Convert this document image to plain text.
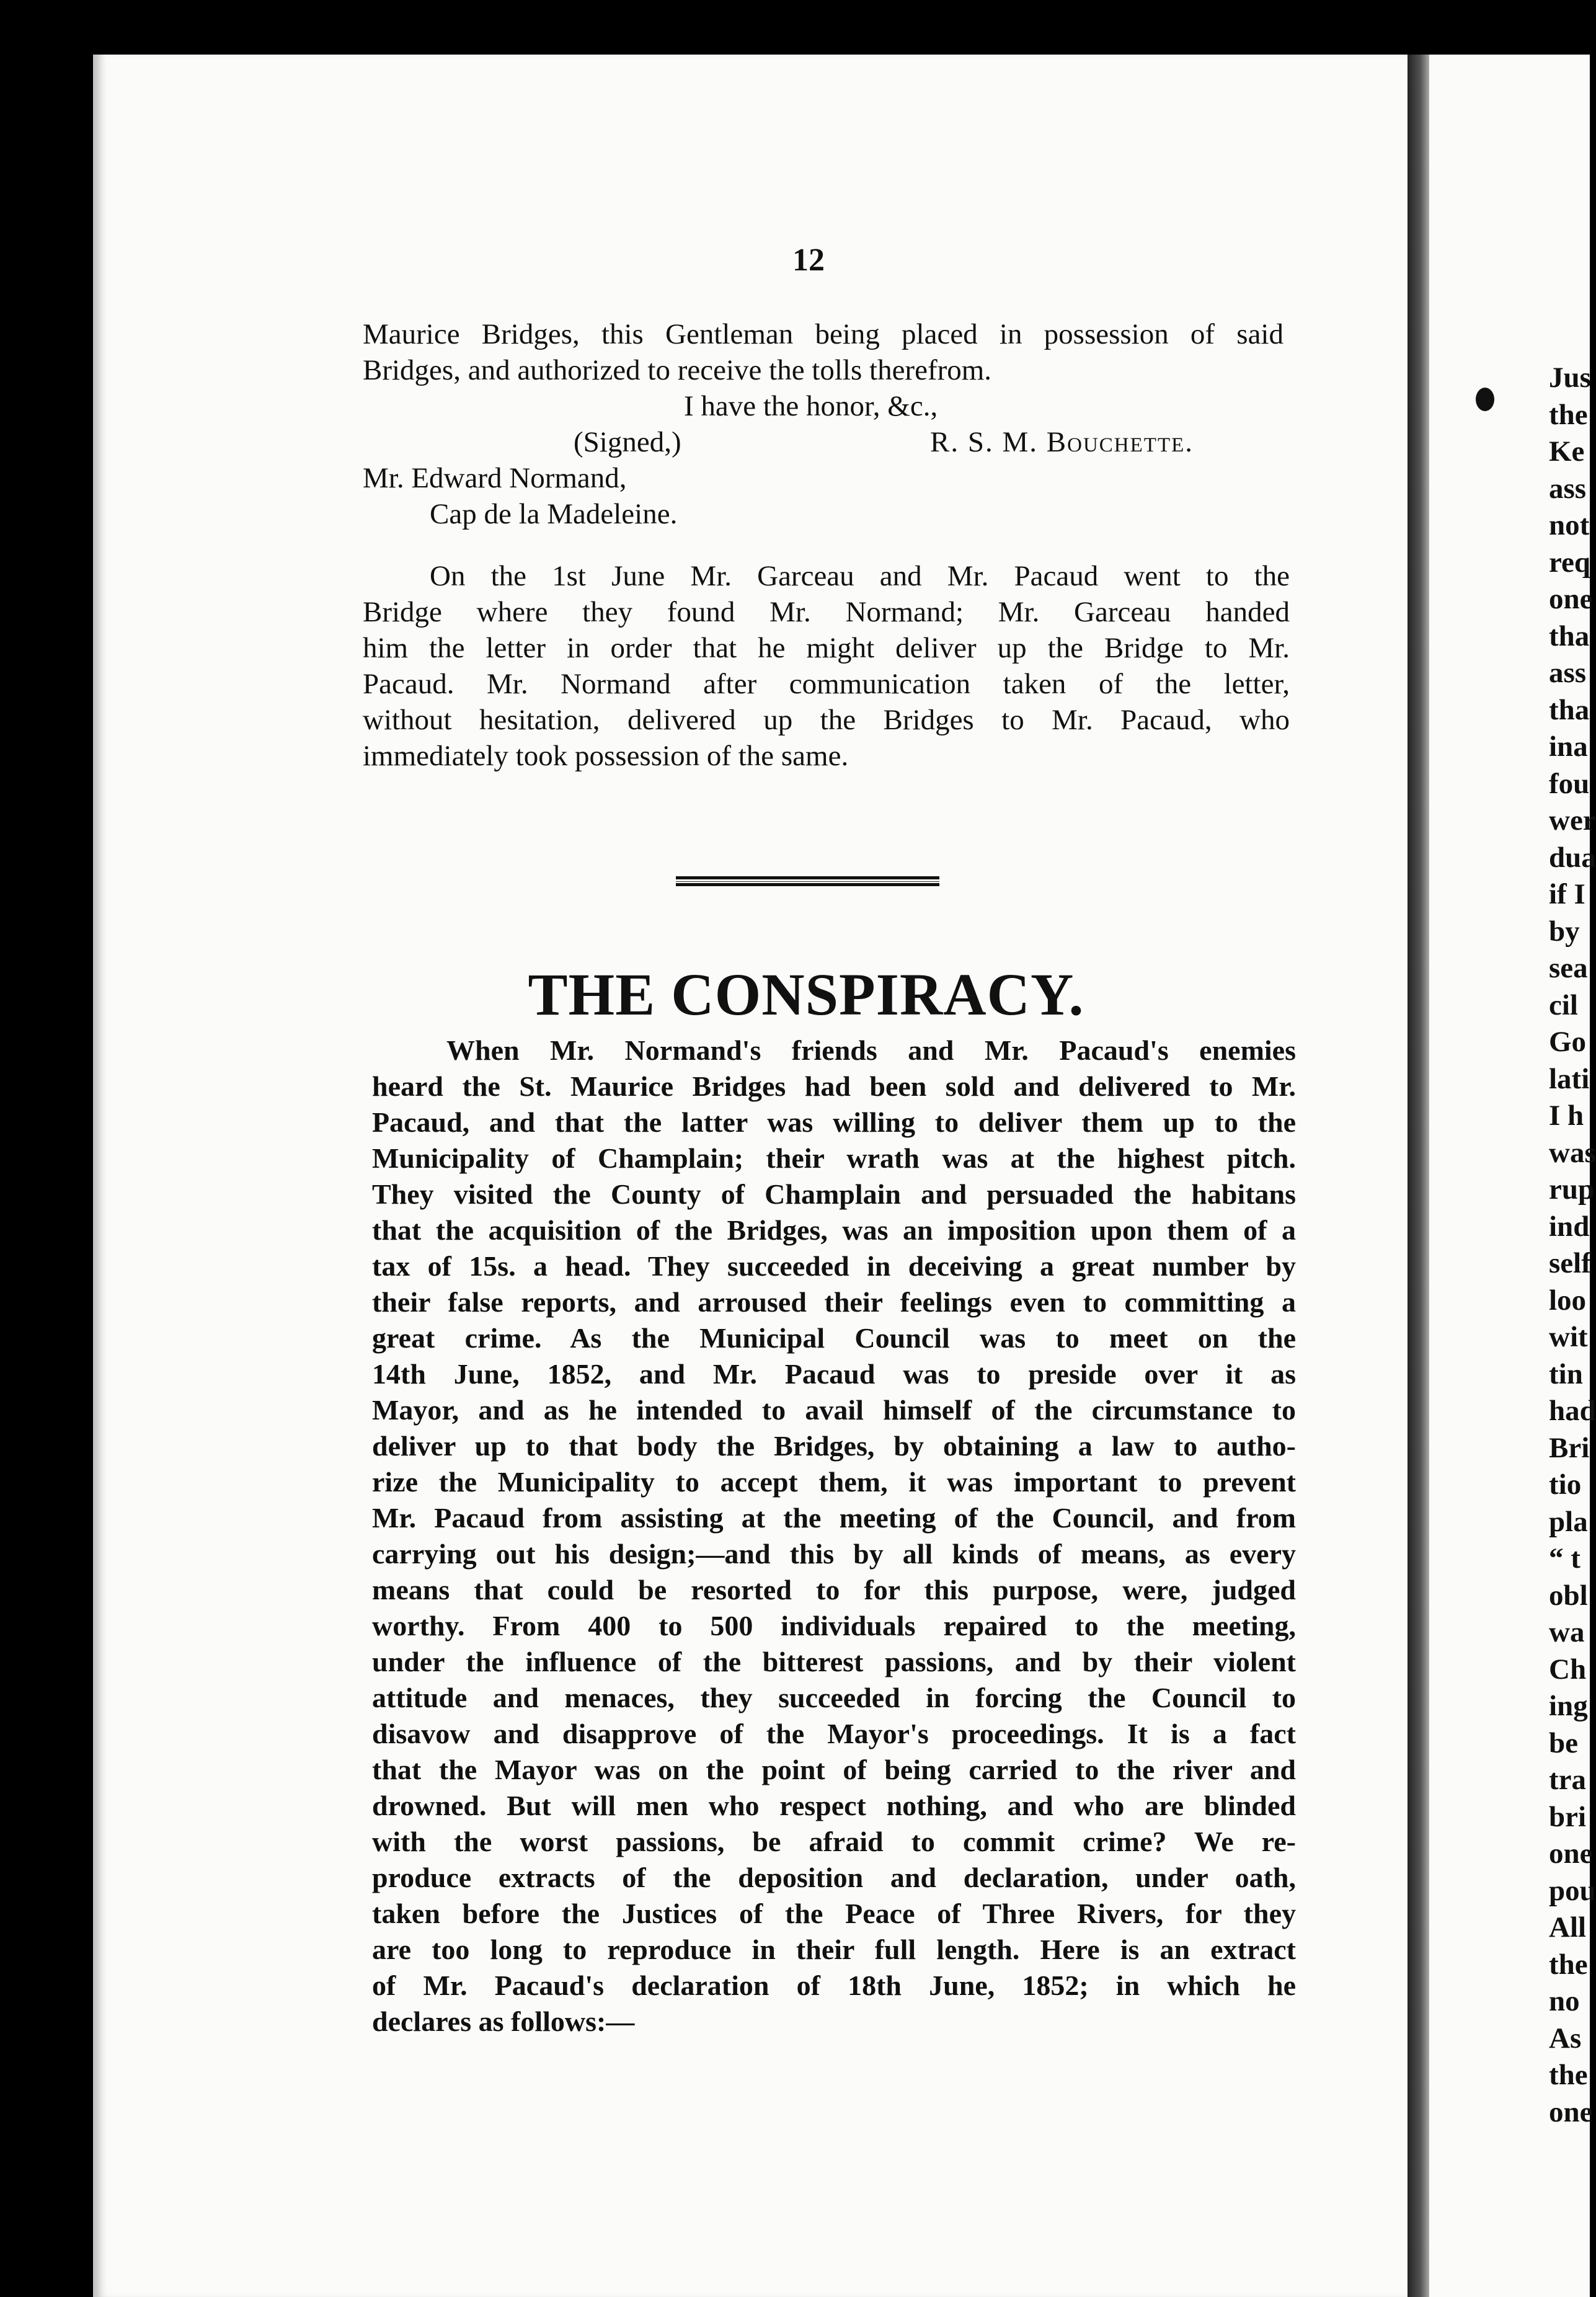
12
Maurice Bridges, this Gentleman being placed in possession of said
Bridges, and authorized to receive the tolls therefrom.
I have the honor, &c.,
(Signed,)	R. S. M. Bouchette.
Mr. Edward Normand,
Cap de la Madeleine.
On the 1st June Mr. Garceau and Mr. Pacaud went to the
Bridge where they found Mr. Normand; Mr. Garceau handed
him the letter in order that he might deliver up the Bridge to Mr.
Pacaud. Mr. Normand after communication taken of the letter,
without hesitation, delivered up the Bridges to Mr. Pacaud, who
immediately took possession of the same.
THE CONSPIRACY.
When Mr. Normand's friends and Mr. Pacaud's enemies
heard the St. Maurice Bridges had been sold and delivered to Mr.
Pacaud, and that the latter was willing to deliver them up to the
Municipality of Champlain; their wrath was at the highest pitch.
They visited the County of Champlain and persuaded the habitans
that the acquisition of the Bridges, was an imposition upon them of a
tax of 15s. a head. They succeeded in deceiving a great number by
their false reports, and arroused their feelings even to committing a
great crime. As the Municipal Council was to meet on the
14th June, 1852, and Mr. Pacaud was to preside over it as
Mayor, and as he intended to avail himself of the circumstance to
deliver up to that body the Bridges, by obtaining a law to autho-
rize the Municipality to accept them, it was important to prevent
Mr. Pacaud from assisting at the meeting of the Council, and from
carrying out his design;—and this by all kinds of means, as every
means that could be resorted to for this purpose, were, judged
worthy. From 400 to 500 individuals repaired to the meeting,
under the influence of the bitterest passions, and by their violent
attitude and menaces, they succeeded in forcing the Council to
disavow and disapprove of the Mayor's proceedings. It is a fact
that the Mayor was on the point of being carried to the river and
drowned. But will men who respect nothing, and who are blinded
with the worst passions, be afraid to commit crime? We re-
produce extracts of the deposition and declaration, under oath,
taken before the Justices of the Peace of Three Rivers, for they
are too long to reproduce in their full length. Here is an extract
of Mr. Pacaud's declaration of 18th June, 1852; in which he
declares as follows:—
Jus
the
Ke
ass
not
req
one
tha
ass
tha
ina
fou
wer
dua
if I
by
sea
cil
Go
lati
I h
was
rup
ind
self
loo
wit
tin
had
Bri
tio
pla
“ t
obl
wa
Ch
ing
be
tra
bri
one
pou
All
the
no
As
the
one
